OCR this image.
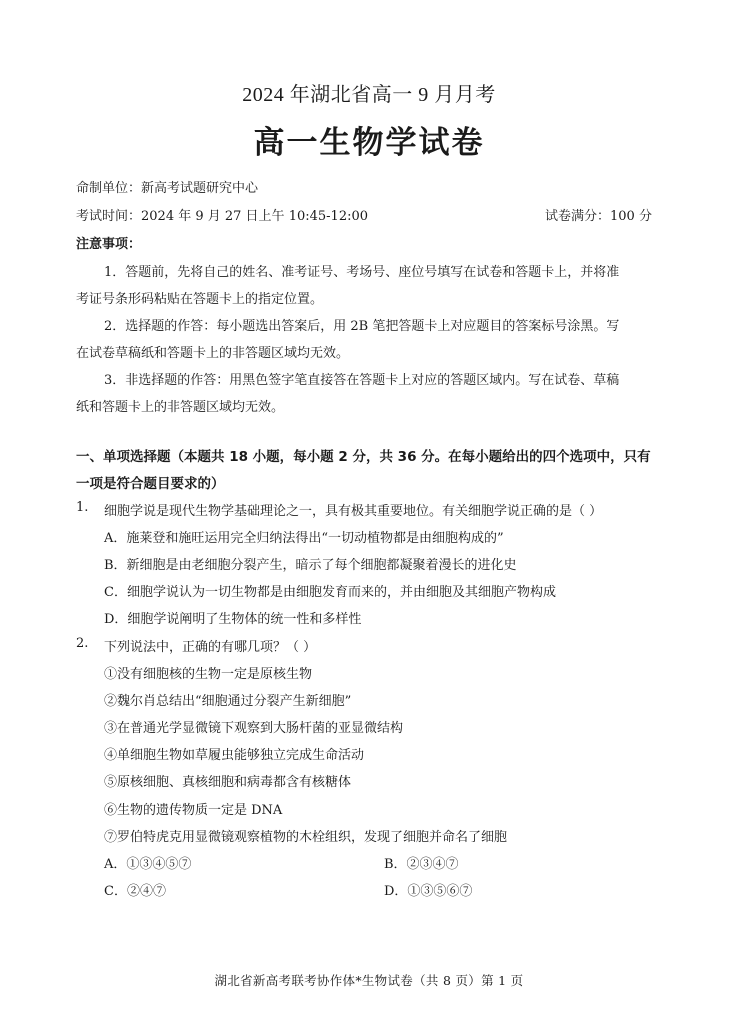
2024 年湖北省高一 9 月月考
高一生物学试卷
命制单位：新高考试题研究中心
考试时间：2024 年 9 月 27 日上午 10:45-12:00	试卷满分：100 分
注意事项：
1．答题前，先将自己的姓名、准考证号、考场号、座位号填写在试卷和答题卡上，并将准
考证号条形码粘贴在答题卡上的指定位置。
2．选择题的作答：每小题选出答案后，用 2B 笔把答题卡上对应题目的答案标号涂黑。写
在试卷草稿纸和答题卡上的非答题区域均无效。
3．非选择题的作答：用黑色签字笔直接答在答题卡上对应的答题区域内。写在试卷、草稿
纸和答题卡上的非答题区域均无效。
一、单项选择题（本题共 18 小题，每小题 2 分，共 36 分。在每小题给出的四个选项中，只有
一项是符合题目要求的）
1. 细胞学说是现代生物学基础理论之一，具有极其重要地位。有关细胞学说正确的是（ ）
A．施莱登和施旺运用完全归纳法得出“一切动植物都是由细胞构成的”
B．新细胞是由老细胞分裂产生，暗示了每个细胞都凝聚着漫长的进化史
C．细胞学说认为一切生物都是由细胞发育而来的，并由细胞及其细胞产物构成
D．细胞学说阐明了生物体的统一性和多样性
2. 下列说法中，正确的有哪几项？（ ）
①没有细胞核的生物一定是原核生物
②魏尔肖总结出“细胞通过分裂产生新细胞”
③在普通光学显微镜下观察到大肠杆菌的亚显微结构
④单细胞生物如草履虫能够独立完成生命活动
⑤原核细胞、真核细胞和病毒都含有核糖体
⑥生物的遗传物质一定是 DNA
⑦罗伯特虎克用显微镜观察植物的木栓组织，发现了细胞并命名了细胞
A．①③④⑤⑦	B．②③④⑦
C．②④⑦	D．①③⑤⑥⑦
湖北省新高考联考协作体*生物试卷（共 8 页）第 1 页
